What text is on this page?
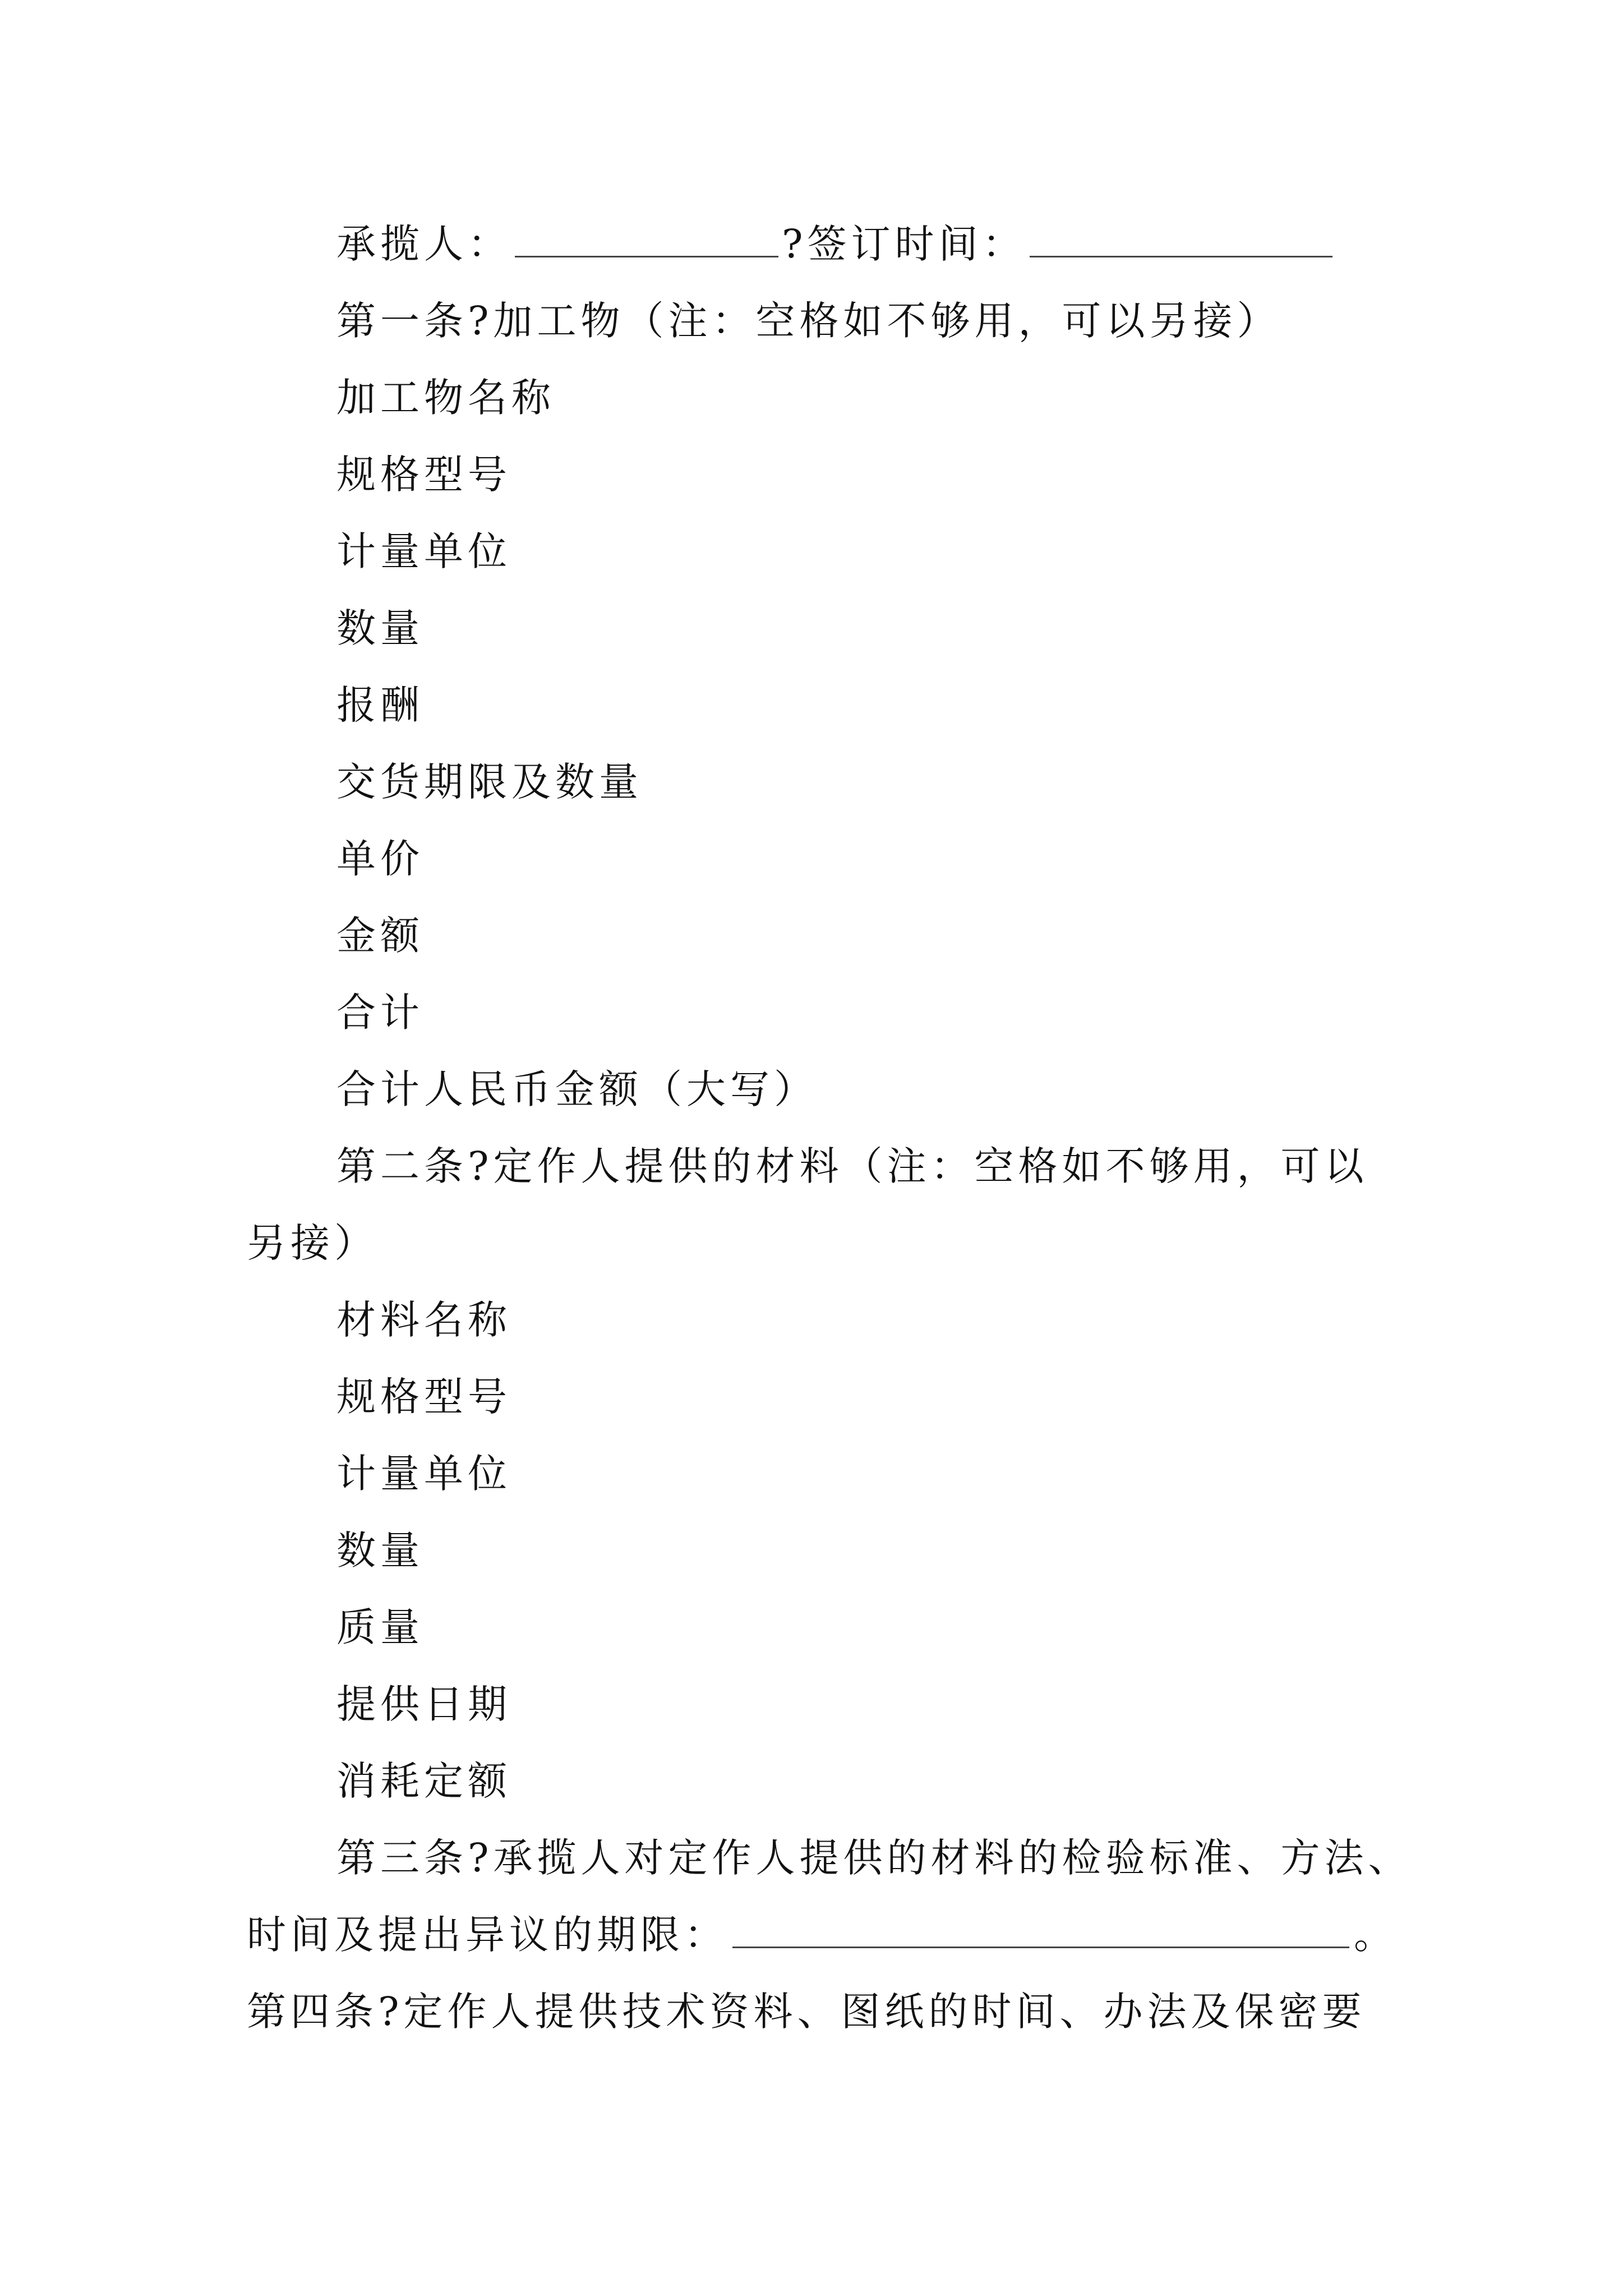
承揽人：	?签订时间：
第一条?加工物（注：空格如不够用，可以另接）
加工物名称
规格型号
计量单位
数量
报酬
交货期限及数量
单价
金额
合计
合计人民币金额（大写）
第二条?定作人提供的材料（注：空格如不够用，可以
另接）
材料名称
规格型号
计量单位
数量
质量
提供日期
消耗定额
第三条?承揽人对定作人提供的材料的检验标准、方法、
时间及提出异议的期限：	。
第四条?定作人提供技术资料、图纸的时间、办法及保密要
